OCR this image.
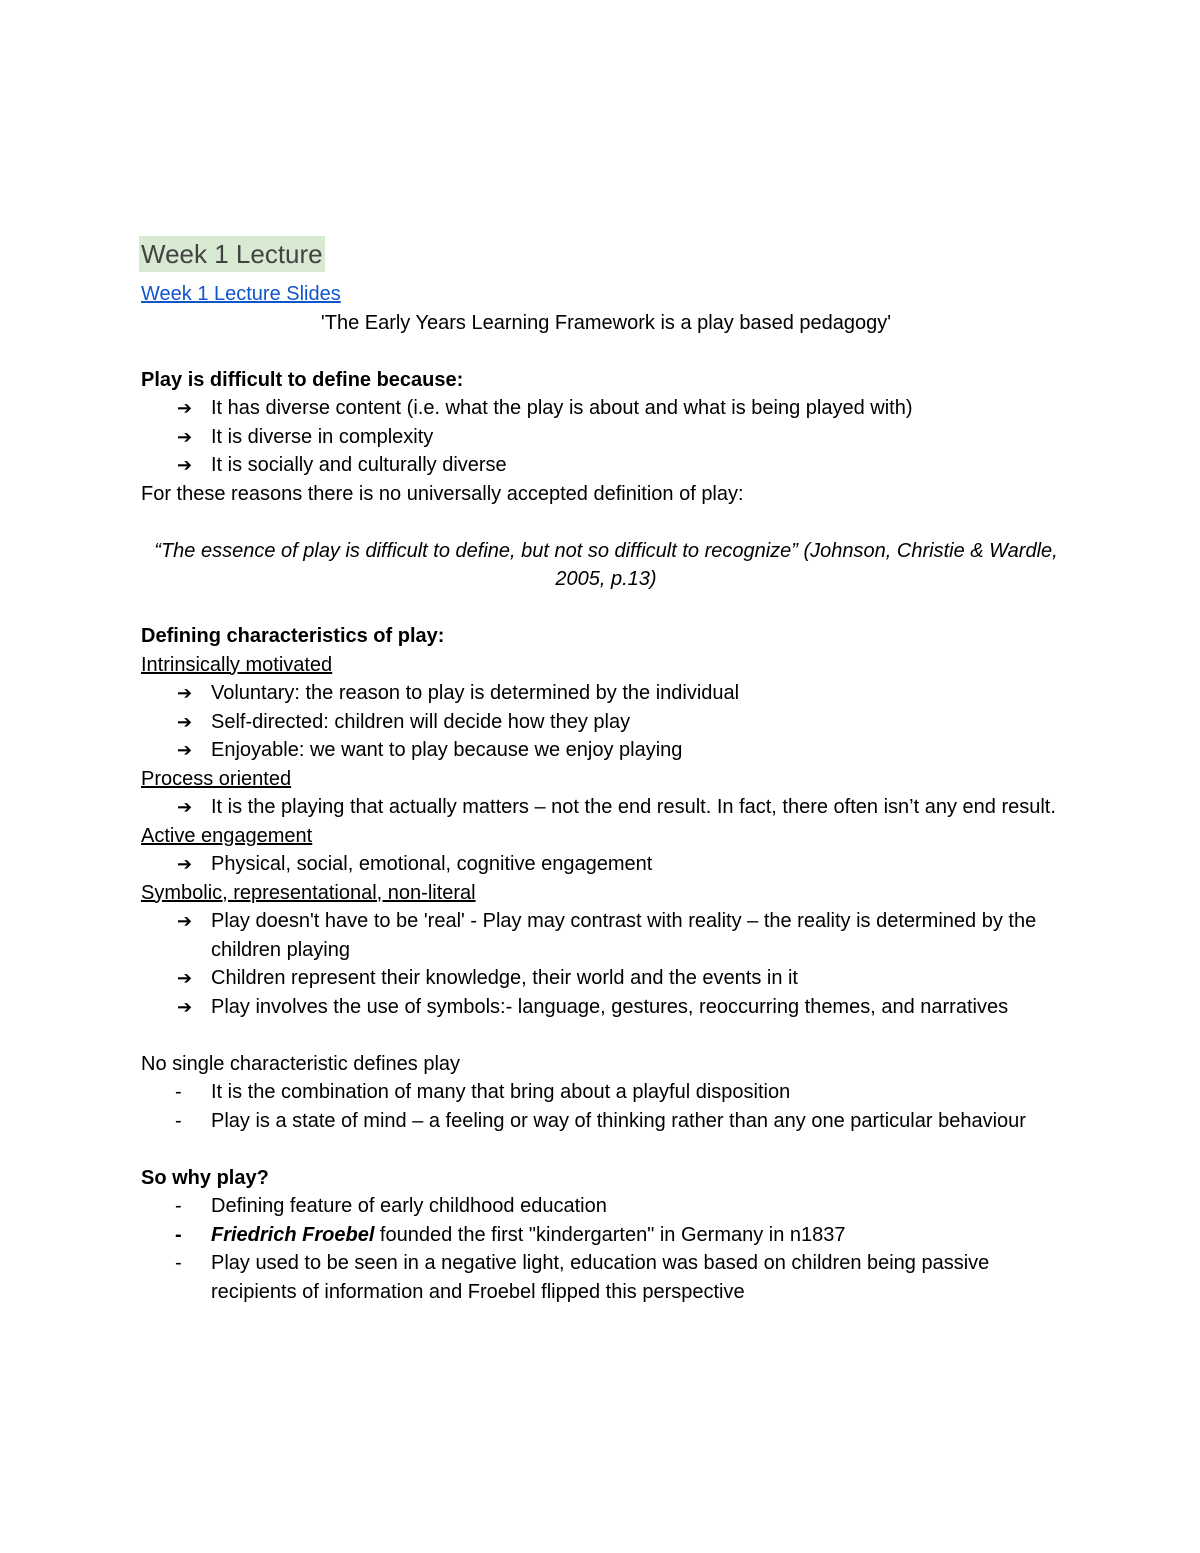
Week 1 Lecture
Week 1 Lecture Slides
'The Early Years Learning Framework is a play based pedagogy'
Play is difficult to define because:
➔ It has diverse content (i.e. what the play is about and what is being played with)
➔ It is diverse in complexity
➔ It is socially and culturally diverse

For these reasons there is no universally accepted definition of play:

“The essence of play is difficult to define, but not so difficult to recognize” (Johnson, Christie & Wardle, 2005, p.13)
Defining characteristics of play:
Intrinsically motivated
➔ Voluntary: the reason to play is determined by the individual
➔ Self-directed: children will decide how they play
➔ Enjoyable: we want to play because we enjoy playing
Process oriented
➔ It is the playing that actually matters – not the end result. In fact, there often isn’t any end result.
Active engagement
➔ Physical, social, emotional, cognitive engagement
Symbolic, representational, non-literal
➔ Play doesn't have to be 'real' - Play may contrast with reality – the reality is determined by the children playing
➔ Children represent their knowledge, their world and the events in it
➔ Play involves the use of symbols:- language, gestures, reoccurring themes, and narratives

No single characteristic defines play

- It is the combination of many that bring about a playful disposition
- Play is a state of mind – a feeling or way of thinking rather than any one particular behaviour
So why play?
- Defining feature of early childhood education
- Friedrich Froebel founded the first "kindergarten" in Germany in n1837
- Play used to be seen in a negative light, education was based on children being passive recipients of information and Froebel flipped this perspective
